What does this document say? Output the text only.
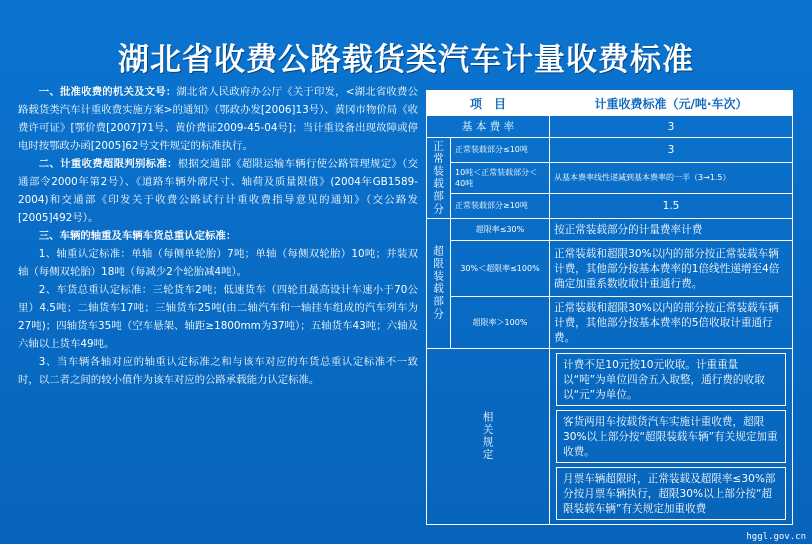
湖北省收费公路载货类汽车计量收费标准

一、批准收费的机关及文号：湖北省人民政府办公厅《关于印发，<湖北省收费公路载货类汽车计重收费实施方案>的通知》（鄂政办发[2006]13号）、黄冈市物价局《收费许可证》[鄂价费[2007]71号、黄价费证2009-45-04号]；当计重设备出现故障或停电时按鄂政办函[2005]62号文件规定的标准执行。

二、计重收费超限判别标准：根据交通部《超限运输车辆行使公路管理规定》（交通部令2000年第2号）、《道路车辆外廓尺寸、轴荷及质量限值》(2004年GB1589-2004)和交通部《印发关于收费公路试行计重收费指导意见的通知》（交公路发[2005]492号）。

三、车辆的轴重及车辆车货总重认定标准：

1、轴重认定标准：单轴（每侧单轮胎）7吨；单轴（每侧双轮胎）10吨；并装双轴（每侧双轮胎）18吨（每减少2个轮胎减4吨）。

2、车货总重认定标准：三轮货车2吨；低速货车（四轮且最高设计车速小于70公里）4.5吨；二轴货车17吨；三轴货车25吨(由二轴汽车和一轴挂车组成的汽车列车为27吨)；四轴货车35吨（空车悬架、轴距≥1800mm为37吨）；五轴货车43吨；六轴及六轴以上货车49吨。

3、当车辆各轴对应的轴重认定标准之和与该车对应的车货总重认定标准不一致时，以二者之间的较小值作为该车对应的公路承载能力认定标准。

项　目		计重收费标准（元/吨·车次）
基 本 费 率		3
正常装载部分	正常装载部分≤10吨	3
	10吨＜正常装载部分＜40吨	从基本费率线性递减到基本费率的一半（3→1.5）
	正常装载部分≥10吨	1.5
超限装载部分	超限率≤30%	按正常装载部分的计量费率计费
	30%＜超限率≤100%	正常装载和超限30%以内的部分按正常装载车辆计费，其他部分按基本费率的1倍线性递增至4倍确定加重系数收取计重通行费。
	超限率＞100%	正常装载和超限30%以内的部分按正常装载车辆计费，其他部分按基本费率的5倍收取计重通行费。
相关规定		计费不足10元按10元收取。计重重量以“吨”为单位四舍五入取整，通行费的收取以“元”为单位。
客货两用车按载货汽车实施计重收费，超限30%以上部分按“超限装载车辆”有关规定加重收费。
月票车辆超限时，正常装载及超限率≤30%部分按月票车辆执行，超限30%以上部分按“超限装载车辆”有关规定加重收费
hggl.gov.cn
